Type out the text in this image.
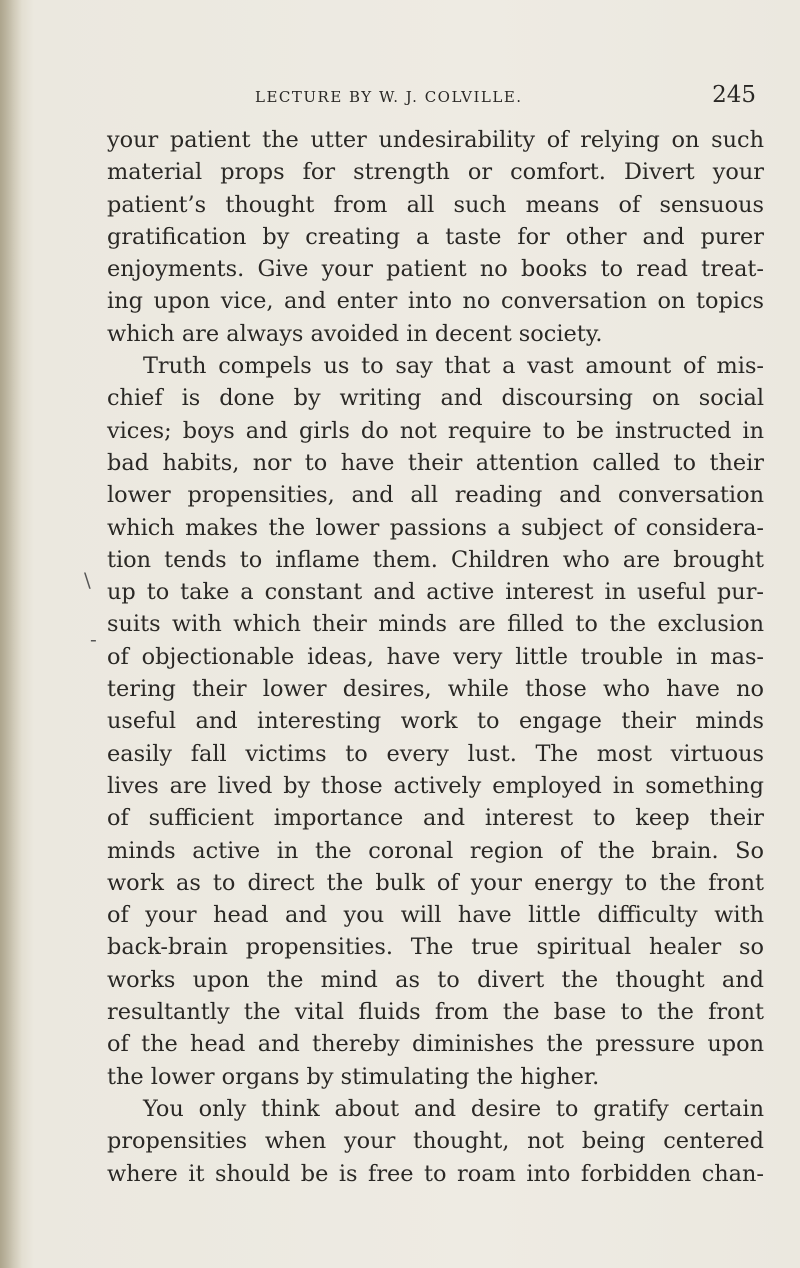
LECTURE BY W. J. COLVILLE.	245
\
-
your patient the utter undesirability of relying on such
material props for strength or comfort. Divert your
patient’s thought from all such means of sensuous
gratification by creating a taste for other and purer
enjoyments. Give your patient no books to read treat-
ing upon vice, and enter into no conversation on topics
which are always avoided in decent society.
Truth compels us to say that a vast amount of mis-
chief is done by writing and discoursing on social
vices; boys and girls do not require to be instructed in
bad habits, nor to have their attention called to their
lower propensities, and all reading and conversation
which makes the lower passions a subject of considera-
tion tends to inflame them. Children who are brought
up to take a constant and active interest in useful pur-
suits with which their minds are filled to the exclusion
of objectionable ideas, have very little trouble in mas-
tering their lower desires, while those who have no
useful and interesting work to engage their minds
easily fall victims to every lust. The most virtuous
lives are lived by those actively employed in something
of sufficient importance and interest to keep their
minds active in the coronal region of the brain. So
work as to direct the bulk of your energy to the front
of your head and you will have little difficulty with
back-brain propensities. The true spiritual healer so
works upon the mind as to divert the thought and
resultantly the vital fluids from the base to the front
of the head and thereby diminishes the pressure upon
the lower organs by stimulating the higher.
You only think about and desire to gratify certain
propensities when your thought, not being centered
where it should be is free to roam into forbidden chan-
